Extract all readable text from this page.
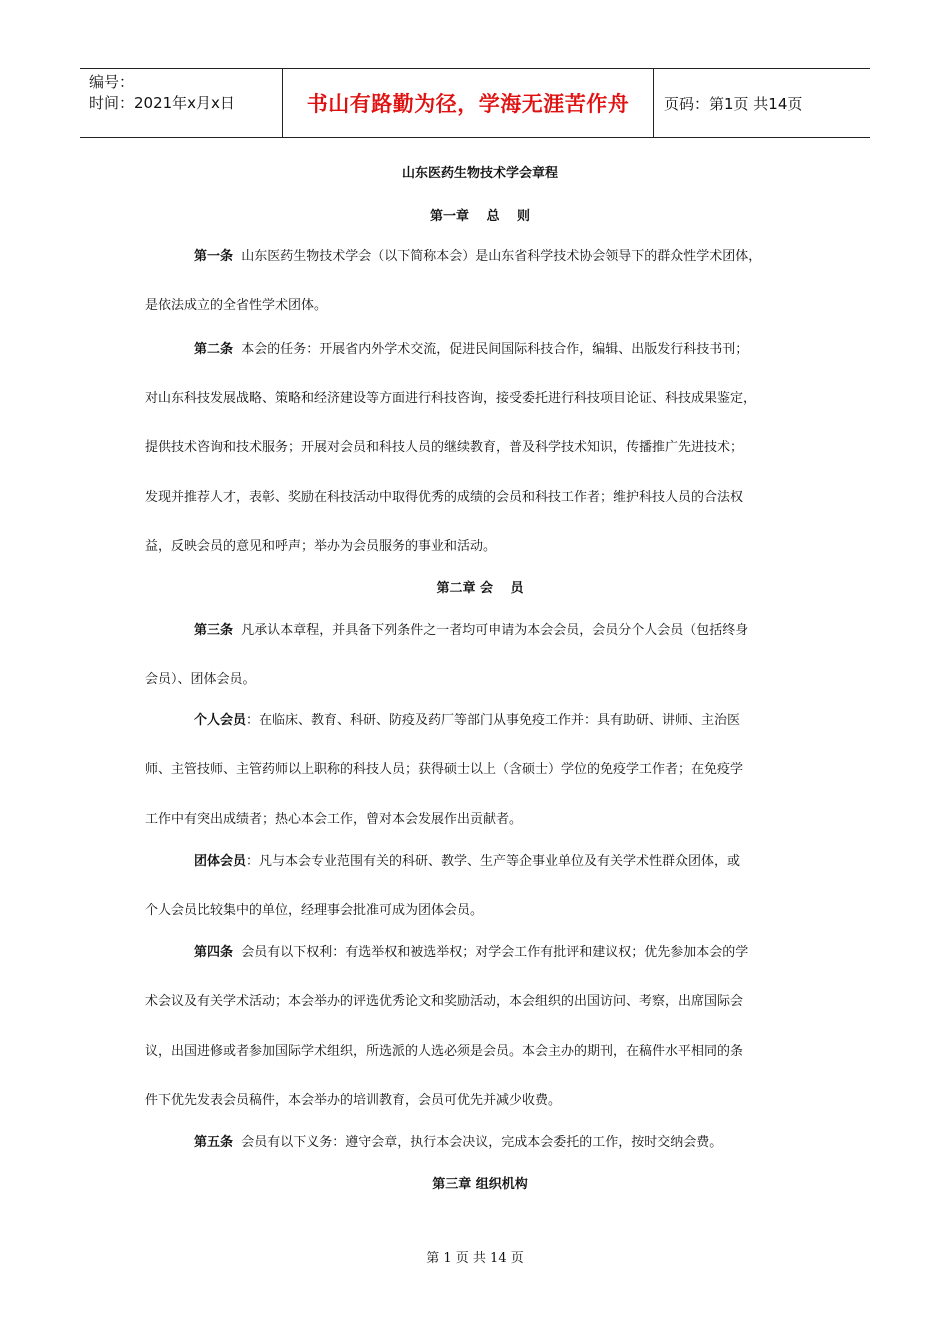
编号：
时间：2021年x月x日	书山有路勤为径，学海无涯苦作舟	页码：第1页 共14页
山东医药生物技术学会章程
第一章　 总　 则
第一条 山东医药生物技术学会（以下简称本会）是山东省科学技术协会领导下的群众性学术团体，
是依法成立的全省性学术团体。
第二条 本会的任务：开展省内外学术交流，促进民间国际科技合作，编辑、出版发行科技书刊；
对山东科技发展战略、策略和经济建设等方面进行科技咨询，接受委托进行科技项目论证、科技成果鉴定，
提供技术咨询和技术服务；开展对会员和科技人员的继续教育，普及科学技术知识，传播推广先进技术；
发现并推荐人才，表彰、奖励在科技活动中取得优秀的成绩的会员和科技工作者；维护科技人员的合法权
益，反映会员的意见和呼声；举办为会员服务的事业和活动。
第二章 会　 员
第三条 凡承认本章程，并具备下列条件之一者均可申请为本会会员，会员分个人会员（包括终身
会员）、团体会员。
个人会员：在临床、教育、科研、防疫及药厂等部门从事免疫工作并：具有助研、讲师、主治医
师、主管技师、主管药师以上职称的科技人员；获得硕士以上（含硕士）学位的免疫学工作者；在免疫学
工作中有突出成绩者；热心本会工作，曾对本会发展作出贡献者。
团体会员：凡与本会专业范围有关的科研、教学、生产等企事业单位及有关学术性群众团体，或
个人会员比较集中的单位，经理事会批准可成为团体会员。
第四条 会员有以下权利：有选举权和被选举权；对学会工作有批评和建议权；优先参加本会的学
术会议及有关学术活动；本会举办的评选优秀论文和奖励活动，本会组织的出国访问、考察，出席国际会
议，出国进修或者参加国际学术组织，所选派的人选必须是会员。本会主办的期刊，在稿件水平相同的条
件下优先发表会员稿件，本会举办的培训教育，会员可优先并减少收费。
第五条 会员有以下义务：遵守会章，执行本会决议，完成本会委托的工作，按时交纳会费。
第三章 组织机构
第 1 页 共 14 页
